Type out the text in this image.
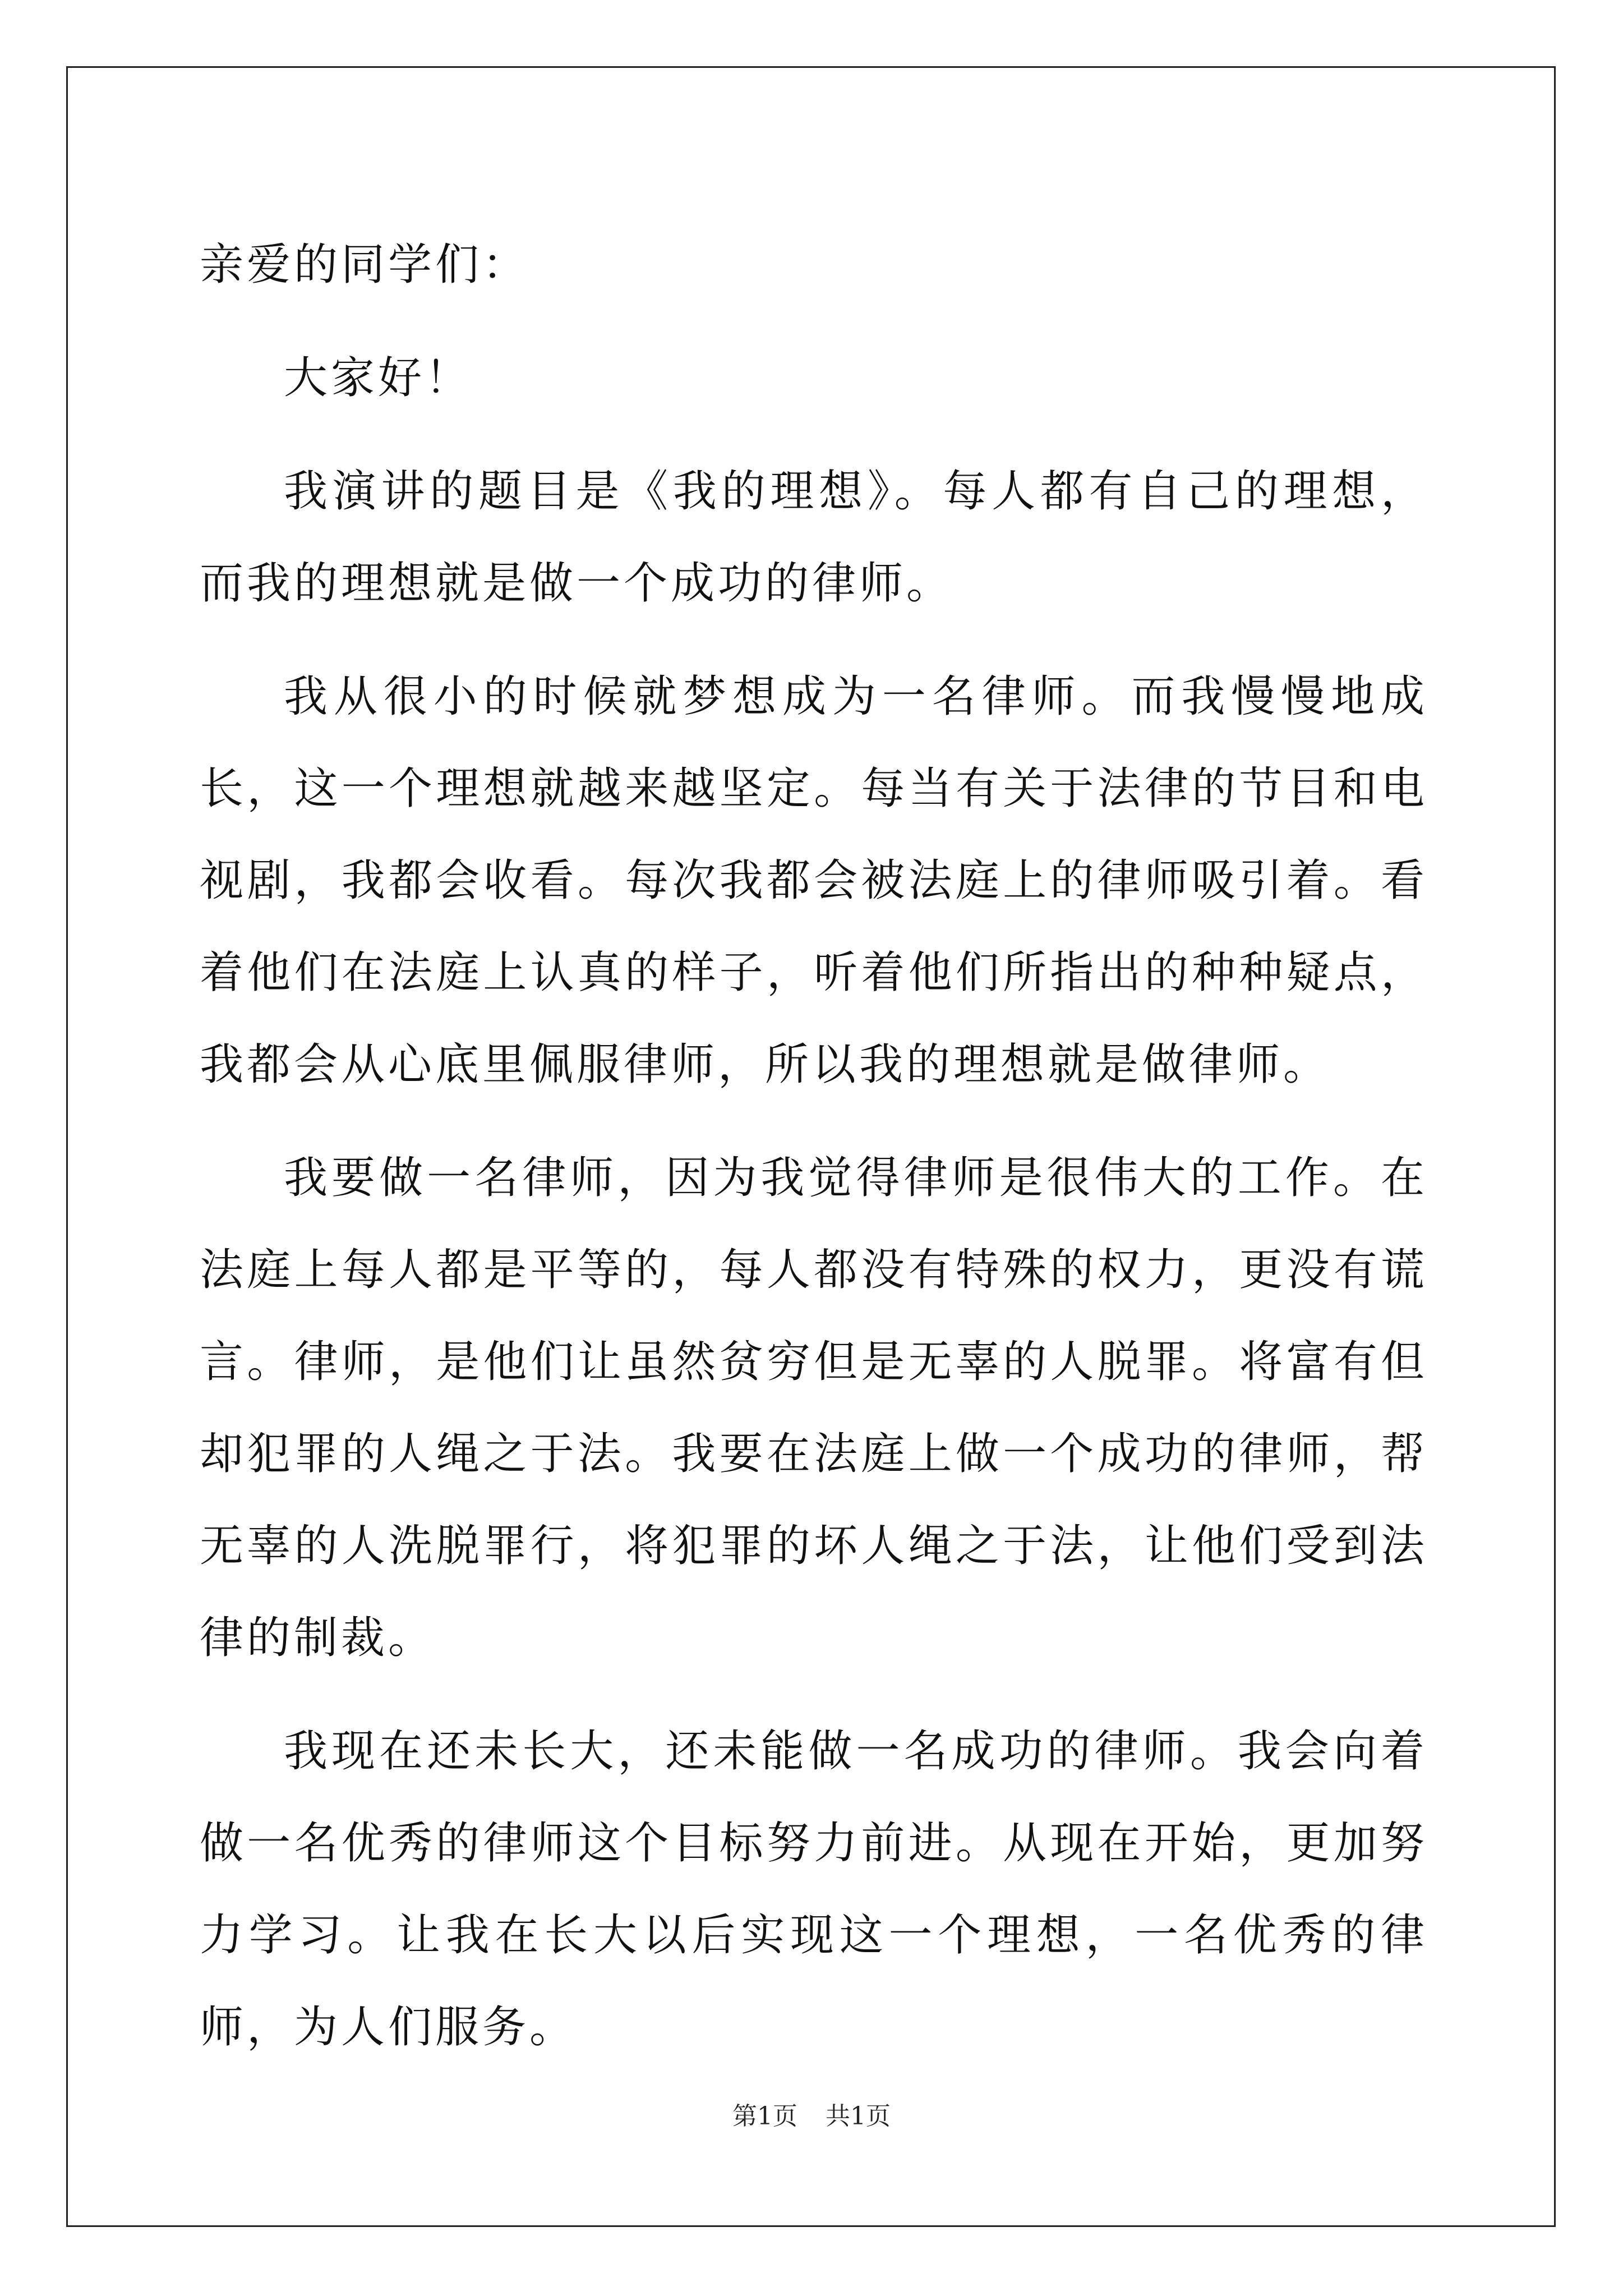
亲爱的同学们：

大家好！

我演讲的题目是《我的理想》。每人都有自己的理想，而我的理想就是做一个成功的律师。

我从很小的时候就梦想成为一名律师。而我慢慢地成长，这一个理想就越来越坚定。每当有关于法律的节目和电视剧，我都会收看。每次我都会被法庭上的律师吸引着。看着他们在法庭上认真的样子，听着他们所指出的种种疑点，我都会从心底里佩服律师，所以我的理想就是做律师。

我要做一名律师，因为我觉得律师是很伟大的工作。在法庭上每人都是平等的，每人都没有特殊的权力，更没有谎言。律师，是他们让虽然贫穷但是无辜的人脱罪。将富有但却犯罪的人绳之于法。我要在法庭上做一个成功的律师，帮无辜的人洗脱罪行，将犯罪的坏人绳之于法，让他们受到法律的制裁。

我现在还未长大，还未能做一名成功的律师。我会向着做一名优秀的律师这个目标努力前进。从现在开始，更加努力学习。让我在长大以后实现这一个理想，一名优秀的律师，为人们服务。

第1页 共1页
